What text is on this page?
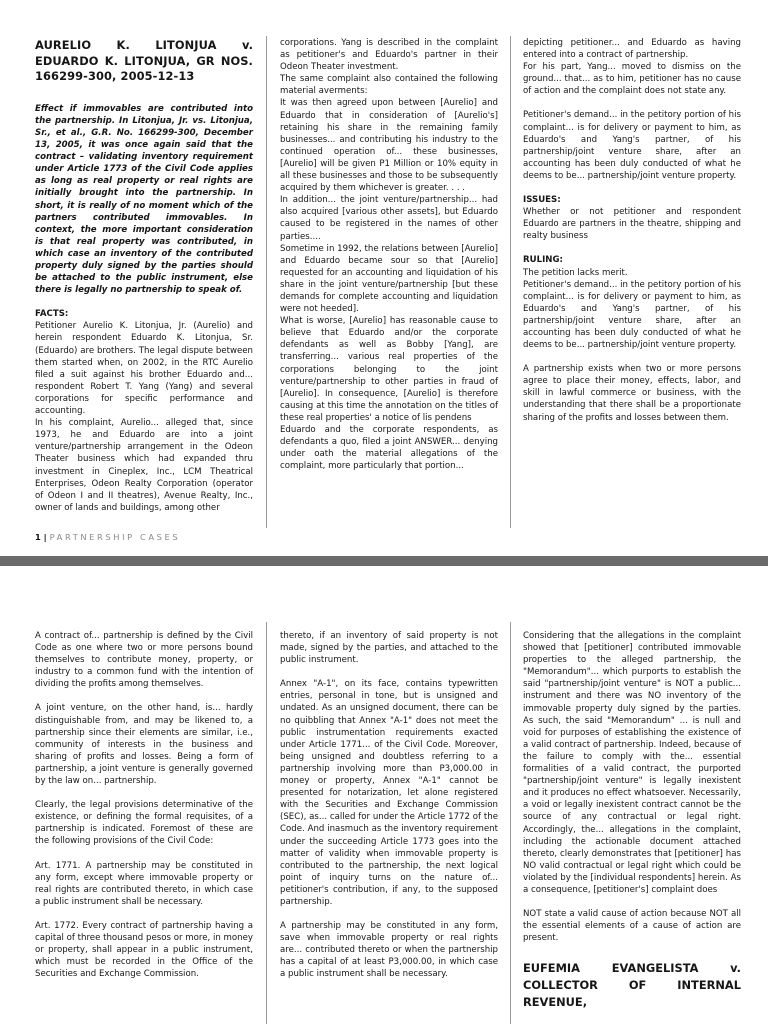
AURELIO K. LITONJUA v. EDUARDO K. LITONJUA, GR NOS. 166299-300, 2005-12-13

Effect if immovables are contributed into the partnership. In Litonjua, Jr. vs. Litonjua, Sr., et al., G.R. No. 166299-300, December 13, 2005, it was once again said that the contract – validating inventory requirement under Article 1773 of the Civil Code applies as long as real property or real rights are initially brought into the partnership. In short, it is really of no moment which of the partners contributed immovables. In context, the more important consideration is that real property was contributed, in which case an inventory of the contributed property duly signed by the parties should be attached to the public instrument, else there is legally no partnership to speak of.

FACTS:

Petitioner Aurelio K. Litonjua, Jr. (Aurelio) and herein respondent Eduardo K. Litonjua, Sr. (Eduardo) are brothers. The legal dispute between them started when, on 2002, in the RTC Aurelio filed a suit against his brother Eduardo and... respondent Robert T. Yang (Yang) and several corporations for specific performance and accounting.

In his complaint, Aurelio... alleged that, since 1973, he and Eduardo are into a joint venture/partnership arrangement in the Odeon Theater business which had expanded thru investment in Cineplex, Inc., LCM Theatrical Enterprises, Odeon Realty Corporation (operator of Odeon I and II theatres), Avenue Realty, Inc., owner of lands and buildings, among other

corporations. Yang is described in the complaint as petitioner's and Eduardo's partner in their Odeon Theater investment.

The same complaint also contained the following material averments:

It was then agreed upon between [Aurelio] and Eduardo that in consideration of [Aurelio's] retaining his share in the remaining family businesses... and contributing his industry to the continued operation of... these businesses, [Aurelio] will be given P1 Million or 10% equity in all these businesses and those to be subsequently acquired by them whichever is greater. . . .

In addition... the joint venture/partnership... had also acquired [various other assets], but Eduardo caused to be registered in the names of other parties....

Sometime in 1992, the relations between [Aurelio] and Eduardo became sour so that [Aurelio] requested for an accounting and liquidation of his share in the joint venture/partnership [but these demands for complete accounting and liquidation were not heeded].

What is worse, [Aurelio] has reasonable cause to believe that Eduardo and/or the corporate defendants as well as Bobby [Yang], are transferring... various real properties of the corporations belonging to the joint venture/partnership to other parties in fraud of [Aurelio]. In consequence, [Aurelio] is therefore causing at this time the annotation on the titles of these real properties' a notice of lis pendens

Eduardo and the corporate respondents, as defendants a quo, filed a joint ANSWER... denying under oath the material allegations of the complaint, more particularly that portion...

depicting petitioner... and Eduardo as having entered into a contract of partnership.

For his part, Yang... moved to dismiss on the ground... that... as to him, petitioner has no cause of action and the complaint does not state any.

Petitioner's demand... in the petitory portion of his complaint... is for delivery or payment to him, as Eduardo's and Yang's partner, of his partnership/joint venture share, after an accounting has been duly conducted of what he deems to be... partnership/joint venture property.

ISSUES:

Whether or not petitioner and respondent Eduardo are partners in the theatre, shipping and realty business

RULING:

The petition lacks merit.

Petitioner's demand... in the petitory portion of his complaint... is for delivery or payment to him, as Eduardo's and Yang's partner, of his partnership/joint venture share, after an accounting has been duly conducted of what he deems to be... partnership/joint venture property.

A partnership exists when two or more persons agree to place their money, effects, labor, and skill in lawful commerce or business, with the understanding that there shall be a proportionate sharing of the profits and losses between them.

1 | PARTNERSHIP CASES

A contract of... partnership is defined by the Civil Code as one where two or more persons bound themselves to contribute money, property, or industry to a common fund with the intention of dividing the profits among themselves.

A joint venture, on the other hand, is... hardly distinguishable from, and may be likened to, a partnership since their elements are similar, i.e., community of interests in the business and sharing of profits and losses. Being a form of partnership, a joint venture is generally governed by the law on... partnership.

Clearly, the legal provisions determinative of the existence, or defining the formal requisites, of a partnership is indicated. Foremost of these are the following provisions of the Civil Code:

Art. 1771. A partnership may be constituted in any form, except where immovable property or real rights are contributed thereto, in which case a public instrument shall be necessary.

Art. 1772. Every contract of partnership having a capital of three thousand pesos or more, in money or property, shall appear in a public instrument, which must be recorded in the Office of the Securities and Exchange Commission.

thereto, if an inventory of said property is not made, signed by the parties, and attached to the public instrument.

Annex "A-1", on its face, contains typewritten entries, personal in tone, but is unsigned and undated. As an unsigned document, there can be no quibbling that Annex "A-1" does not meet the public instrumentation requirements exacted under Article 1771... of the Civil Code. Moreover, being unsigned and doubtless referring to a partnership involving more than P3,000.00 in money or property, Annex "A-1" cannot be presented for notarization, let alone registered with the Securities and Exchange Commission (SEC), as... called for under the Article 1772 of the Code. And inasmuch as the inventory requirement under the succeeding Article 1773 goes into the matter of validity when immovable property is contributed to the partnership, the next logical point of inquiry turns on the nature of... petitioner's contribution, if any, to the supposed partnership.

A partnership may be constituted in any form, save when immovable property or real rights are... contributed thereto or when the partnership has a capital of at least P3,000.00, in which case a public instrument shall be necessary.

Considering that the allegations in the complaint showed that [petitioner] contributed immovable properties to the alleged partnership, the "Memorandum"... which purports to establish the said "partnership/joint venture" is NOT a public... instrument and there was NO inventory of the immovable property duly signed by the parties. As such, the said "Memorandum" ... is null and void for purposes of establishing the existence of a valid contract of partnership. Indeed, because of the failure to comply with the... essential formalities of a valid contract, the purported "partnership/joint venture" is legally inexistent and it produces no effect whatsoever. Necessarily, a void or legally inexistent contract cannot be the source of any contractual or legal right. Accordingly, the... allegations in the complaint, including the actionable document attached thereto, clearly demonstrates that [petitioner] has NO valid contractual or legal right which could be violated by the [individual respondents] herein. As a consequence, [petitioner's] complaint does

NOT state a valid cause of action because NOT all the essential elements of a cause of action are present.

EUFEMIA EVANGELISTA v. COLLECTOR OF INTERNAL REVENUE,
